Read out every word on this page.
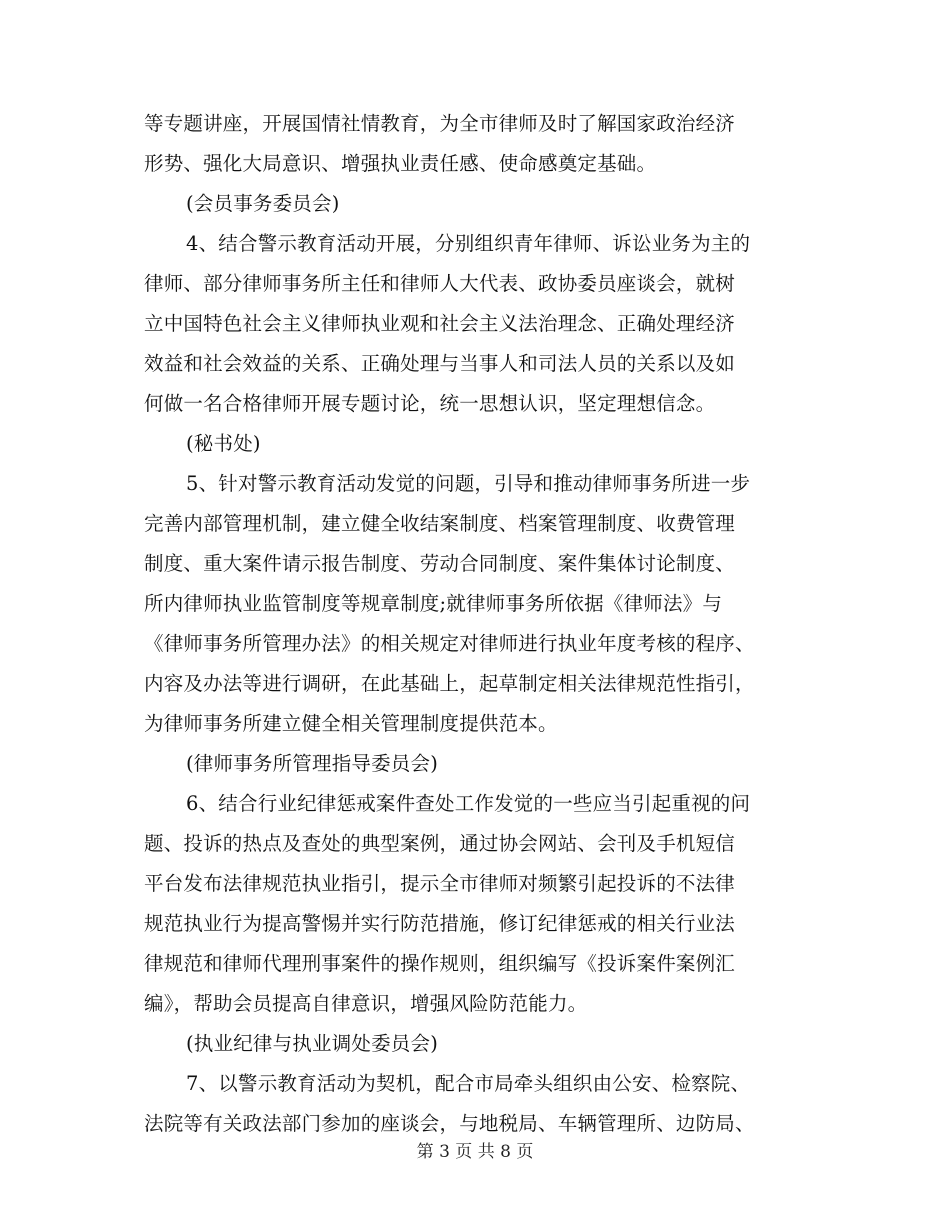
等专题讲座，开展国情社情教育，为全市律师及时了解国家政治经济
形势、强化大局意识、增强执业责任感、使命感奠定基础。
(会员事务委员会)
4、结合警示教育活动开展，分别组织青年律师、诉讼业务为主的
律师、部分律师事务所主任和律师人大代表、政协委员座谈会，就树
立中国特色社会主义律师执业观和社会主义法治理念、正确处理经济
效益和社会效益的关系、正确处理与当事人和司法人员的关系以及如
何做一名合格律师开展专题讨论，统一思想认识，坚定理想信念。
(秘书处)
5、针对警示教育活动发觉的问题，引导和推动律师事务所进一步
完善内部管理机制，建立健全收结案制度、档案管理制度、收费管理
制度、重大案件请示报告制度、劳动合同制度、案件集体讨论制度、
所内律师执业监管制度等规章制度;就律师事务所依据《律师法》与
《律师事务所管理办法》的相关规定对律师进行执业年度考核的程序、
内容及办法等进行调研，在此基础上，起草制定相关法律规范性指引，
为律师事务所建立健全相关管理制度提供范本。
(律师事务所管理指导委员会)
6、结合行业纪律惩戒案件查处工作发觉的一些应当引起重视的问
题、投诉的热点及查处的典型案例，通过协会网站、会刊及手机短信
平台发布法律规范执业指引，提示全市律师对频繁引起投诉的不法律
规范执业行为提高警惕并实行防范措施，修订纪律惩戒的相关行业法
律规范和律师代理刑事案件的操作规则，组织编写《投诉案件案例汇
编》，帮助会员提高自律意识，增强风险防范能力。
(执业纪律与执业调处委员会)
7、以警示教育活动为契机，配合市局牵头组织由公安、检察院、
法院等有关政法部门参加的座谈会，与地税局、车辆管理所、边防局、
第 3 页 共 8 页
